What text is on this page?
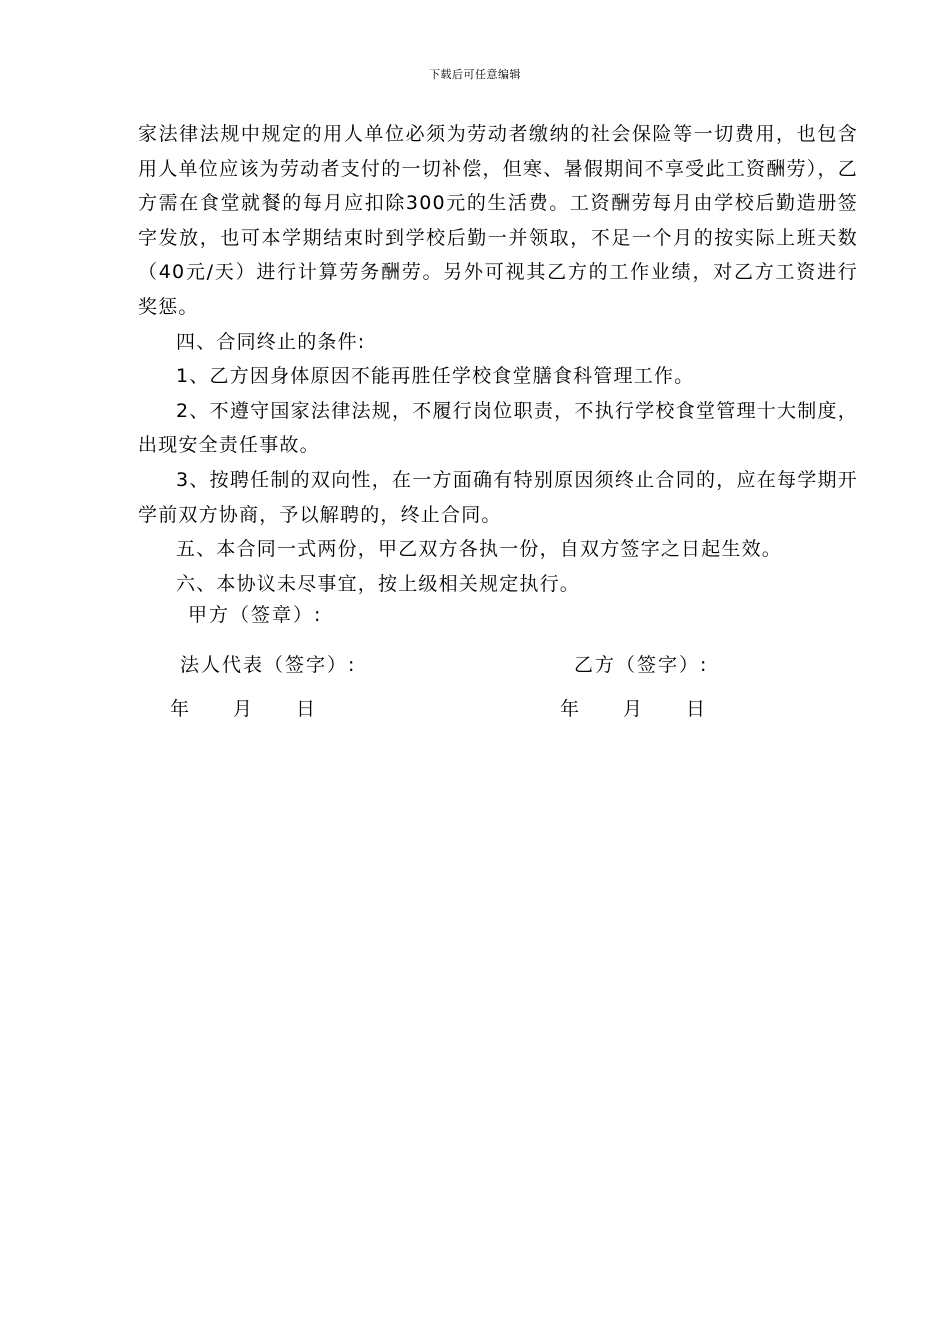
下载后可任意编辑

家法律法规中规定的用人单位必须为劳动者缴纳的社会保险等一切费用，也包含用人单位应该为劳动者支付的一切补偿，但寒、暑假期间不享受此工资酬劳），乙方需在食堂就餐的每月应扣除300元的生活费。工资酬劳每月由学校后勤造册签字发放，也可本学期结束时到学校后勤一并领取，不足一个月的按实际上班天数（40元/天）进行计算劳务酬劳。另外可视其乙方的工作业绩，对乙方工资进行奖惩。

四、合同终止的条件:

1、乙方因身体原因不能再胜任学校食堂膳食科管理工作。

2、不遵守国家法律法规，不履行岗位职责，不执行学校食堂管理十大制度，出现安全责任事故。

3、按聘任制的双向性，在一方面确有特别原因须终止合同的，应在每学期开学前双方协商，予以解聘的，终止合同。

五、本合同一式两份，甲乙双方各执一份，自双方签字之日起生效。

六、本协议未尽事宜，按上级相关规定执行。

甲方（签章）:
法人代表（签字）:	乙方（签字）:
年　　月　　日	年　　月　　日
